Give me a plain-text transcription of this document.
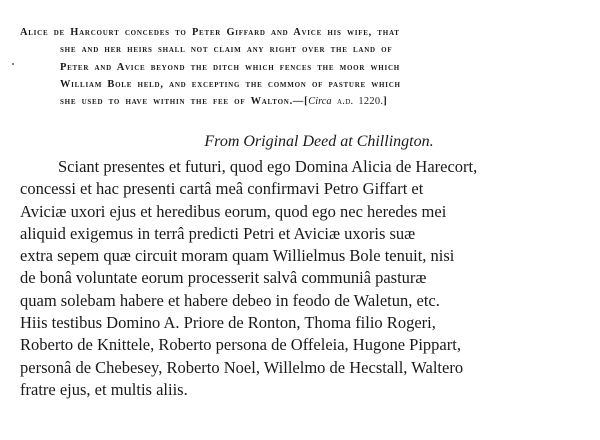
Alice de Harcourt concedes to Peter Giffard and Avice his wife, that
she and her heirs shall not claim any right over the land of
Peter and Avice beyond the ditch which fences the moor which
William Bole held, and excepting the common of pasture which
she used to have within the fee of Walton.—[Circa a.d. 1220.]

From Original Deed at Chillington.

Sciant presentes et futuri, quod ego Domina Alicia de Harecort,
concessi et hac presenti cartâ meâ confirmavi Petro Giffart et
Aviciæ uxori ejus et heredibus eorum, quod ego nec heredes mei
aliquid exigemus in terrâ predicti Petri et Aviciæ uxoris suæ
extra sepem quæ circuit moram quam Willielmus Bole tenuit, nisi
de bonâ voluntate eorum processerit salvâ communiâ pasturæ
quam solebam habere et habere debeo in feodo de Waletun, etc.
Hiis testibus Domino A. Priore de Ronton, Thoma filio Rogeri,
Roberto de Knittele, Roberto persona de Offeleia, Hugone Pippart,
personâ de Chebesey, Roberto Noel, Willelmo de Hecstall, Waltero
fratre ejus, et multis aliis.
